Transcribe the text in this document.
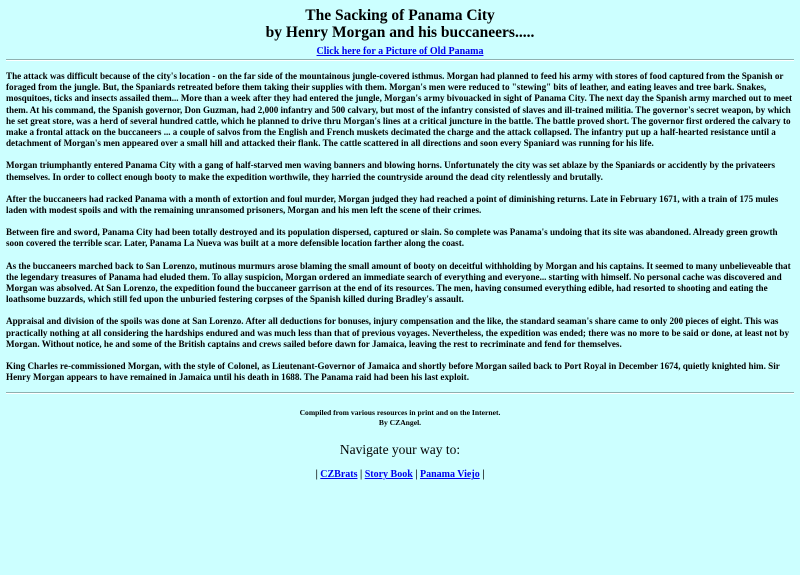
The Sacking of Panama City
by Henry Morgan and his buccaneers.....
Click here for a Picture of Old Panama

The attack was difficult because of the city's location - on the far side of the mountainous jungle-covered isthmus. Morgan had planned to feed his army with stores of food captured from the Spanish or foraged from the jungle. But, the Spaniards retreated before them taking their supplies with them. Morgan's men were reduced to "stewing" bits of leather, and eating leaves and tree bark. Snakes, mosquitoes, ticks and insects assailed them... More than a week after they had entered the jungle, Morgan's army bivouacked in sight of Panama City. The next day the Spanish army marched out to meet them. At his command, the Spanish governor, Don Guzman, had 2,000 infantry and 500 calvary, but most of the infantry consisted of slaves and ill-trained militia. The governor's secret weapon, by which he set great store, was a herd of several hundred cattle, which he planned to drive thru Morgan's lines at a critical juncture in the battle. The battle proved short. The governor first ordered the calvary to make a frontal attack on the buccaneers ... a couple of salvos from the English and French muskets decimated the charge and the attack collapsed. The infantry put up a half-hearted resistance until a detachment of Morgan's men appeared over a small hill and attacked their flank. The cattle scattered in all directions and soon every Spaniard was running for his life.

Morgan triumphantly entered Panama City with a gang of half-starved men waving banners and blowing horns. Unfortunately the city was set ablaze by the Spaniards or accidently by the privateers themselves. In order to collect enough booty to make the expedition worthwile, they harried the countryside around the dead city relentlessly and brutally.

After the buccaneers had racked Panama with a month of extortion and foul murder, Morgan judged they had reached a point of diminishing returns. Late in February 1671, with a train of 175 mules laden with modest spoils and with the remaining unransomed prisoners, Morgan and his men left the scene of their crimes.

Between fire and sword, Panama City had been totally destroyed and its population dispersed, captured or slain. So complete was Panama's undoing that its site was abandoned. Already green growth soon covered the terrible scar. Later, Panama La Nueva was built at a more defensible location farther along the coast.

As the buccaneers marched back to San Lorenzo, mutinous murmurs arose blaming the small amount of booty on deceitful withholding by Morgan and his captains. It seemed to many unbelieveable that the legendary treasures of Panama had eluded them. To allay suspicion, Morgan ordered an immediate search of everything and everyone... starting with himself. No personal cache was discovered and Morgan was absolved. At San Lorenzo, the expedition found the buccaneer garrison at the end of its resources. The men, having consumed everything edible, had resorted to shooting and eating the loathsome buzzards, which still fed upon the unburied festering corpses of the Spanish killed during Bradley's assault.

Appraisal and division of the spoils was done at San Lorenzo. After all deductions for bonuses, injury compensation and the like, the standard seaman's share came to only 200 pieces of eight. This was practically nothing at all considering the hardships endured and was much less than that of previous voyages. Nevertheless, the expedition was ended; there was no more to be said or done, at least not by Morgan. Without notice, he and some of the British captains and crews sailed before dawn for Jamaica, leaving the rest to recriminate and fend for themselves.

King Charles re-commissioned Morgan, with the style of Colonel, as Lieutenant-Governor of Jamaica and shortly before Morgan sailed back to Port Royal in December 1674, quietly knighted him. Sir Henry Morgan appears to have remained in Jamaica until his death in 1688. The Panama raid had been his last exploit.

Compiled from various resources in print and on the Internet.
By CZAngel.
Navigate your way to:
| CZBrats | Story Book | Panama Viejo |
